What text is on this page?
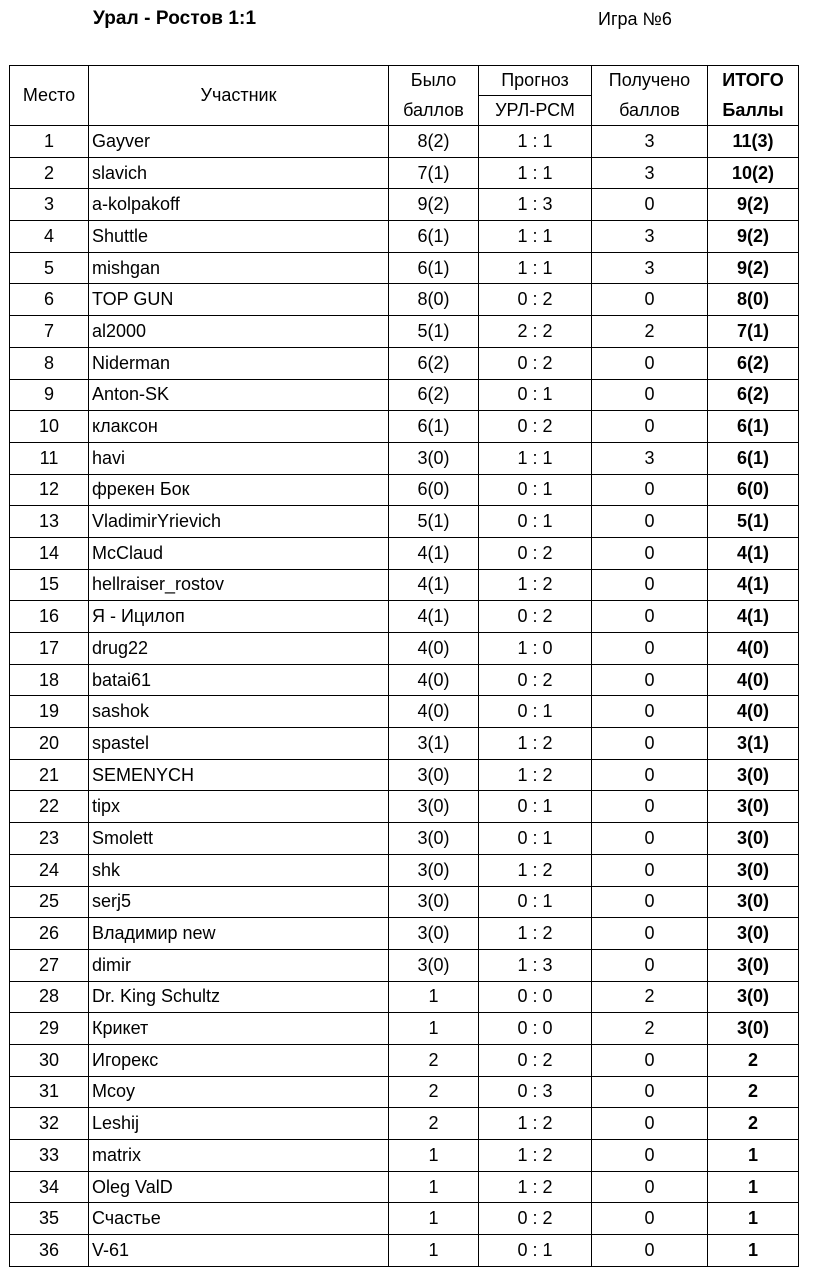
Урал - Ростов 1:1	Игра №6
Место	Участник	Было	Прогноз	Получено	ИТОГО
		баллов	УРЛ-РСМ	баллов	Баллы
1	Gayver	8(2)	1 : 1	3	11(3)
2	slavich	7(1)	1 : 1	3	10(2)
3	a-kolpakoff	9(2)	1 : 3	0	9(2)
4	Shuttle	6(1)	1 : 1	3	9(2)
5	mishgan	6(1)	1 : 1	3	9(2)
6	TOP GUN	8(0)	0 : 2	0	8(0)
7	al2000	5(1)	2 : 2	2	7(1)
8	Niderman	6(2)	0 : 2	0	6(2)
9	Anton-SK	6(2)	0 : 1	0	6(2)
10	клаксон	6(1)	0 : 2	0	6(1)
11	havi	3(0)	1 : 1	3	6(1)
12	фрекен Бок	6(0)	0 : 1	0	6(0)
13	VladimirYrievich	5(1)	0 : 1	0	5(1)
14	McClaud	4(1)	0 : 2	0	4(1)
15	hellraiser_rostov	4(1)	1 : 2	0	4(1)
16	Я - Ицилоп	4(1)	0 : 2	0	4(1)
17	drug22	4(0)	1 : 0	0	4(0)
18	batai61	4(0)	0 : 2	0	4(0)
19	sashok	4(0)	0 : 1	0	4(0)
20	spastel	3(1)	1 : 2	0	3(1)
21	SEMENYCH	3(0)	1 : 2	0	3(0)
22	tipx	3(0)	0 : 1	0	3(0)
23	Smolett	3(0)	0 : 1	0	3(0)
24	shk	3(0)	1 : 2	0	3(0)
25	serj5	3(0)	0 : 1	0	3(0)
26	Владимир new	3(0)	1 : 2	0	3(0)
27	dimir	3(0)	1 : 3	0	3(0)
28	Dr. King Schultz	1	0 : 0	2	3(0)
29	Крикет	1	0 : 0	2	3(0)
30	Игорекс	2	0 : 2	0	2
31	Mcoy	2	0 : 3	0	2
32	Leshij	2	1 : 2	0	2
33	matrix	1	1 : 2	0	1
34	Oleg ValD	1	1 : 2	0	1
35	Счастье	1	0 : 2	0	1
36	V-61	1	0 : 1	0	1
